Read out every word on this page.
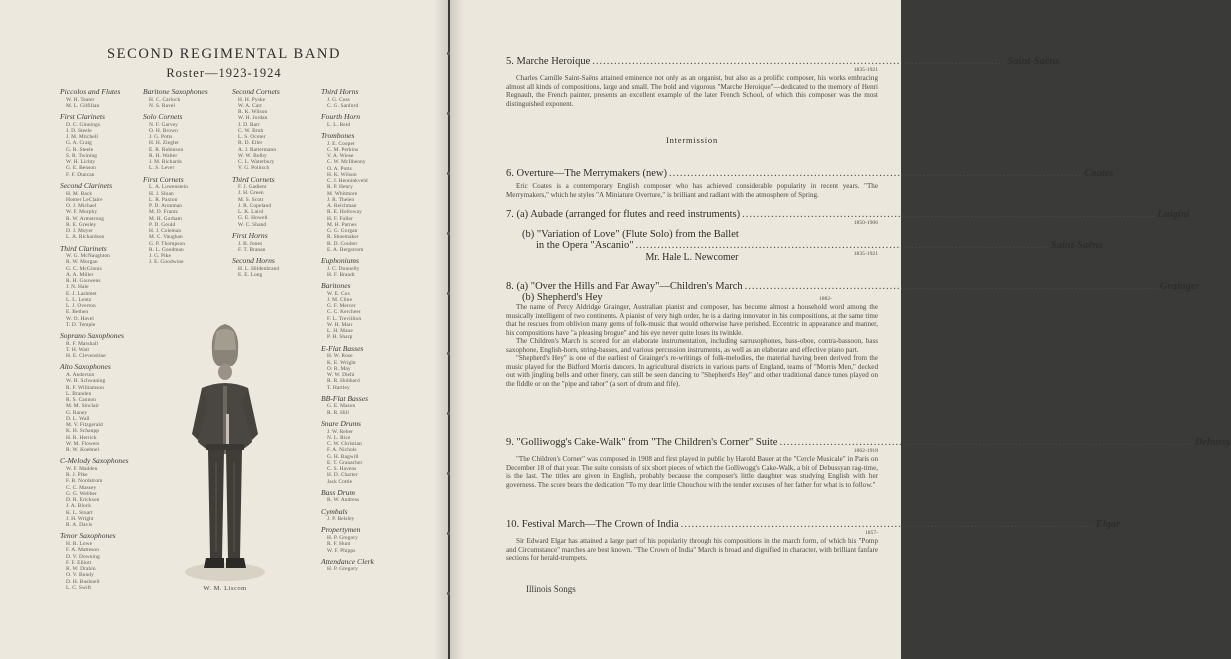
SECOND REGIMENTAL BAND
Roster—1923-1924
Piccolos and Flutes
W. H. Teater
M. L. Gilfillan
First Clarinets
D. C. Ginnings
J. D. Steele
J. M. Mitchell
G. A. Craig
G. R. Steele
S. R. Twining
W. H. Lichty
G. E. Benson
F. F. Duncan
Second Clarinets
H. M. Back
Homer LeClaire
O. J. Michael
W. F. Murphy
R. W. Armstrong
R. E. Gresley
D. J. Moyer
L. A. Richardson
Third Clarinets
W. G. McNaughton
R. W. Morgan
G. C. McGinnis
A. A. Miller
R. H. Gouwens
J. N. Hale
E. J. Lashmet
L. L. Lentz
L. J. Overton
E. Bethen
W. O. Havel
T. D. Temple
Soprano Saxophones
R. F. Marshall
T. H. Watt
H. E. Clevenstine
Alto Saxophones
A. Anderson
W. H. Schwaning
R. F. Williamson
L. Branden
R. S. Cannon
M. M. Sinclair
G. Raney
D. L. Wall
M. V. Fitzgerald
K. H. Schaupp
H. R. Herrick
W. M. Flowers
R. W. Koebnel
C-Melody Saxophones
W. F. Madden
R. J. Pike
F. B. Nordstrom
C. C. Massey
G. G. Webber
D. R. Erickson
J. A. Block
K. L. Stuart
J. H. Wright
R. A. Davis
Tenor Saxophones
H. R. Lowe
F. A. Matteson
D. V. Downing
F. F. Elliott
R. W. Drabin
O. V. Bundy
D. H. Bushnell
L. C. Swift
Baritone Saxophones
H. C. Carlock
N. S. Ravel
Solo Cornets
N. F. Garvey
O. H. Brown
J. G. Potts
H. H. Ziegler
E. R. Robinson
R. H. Walter
J. M. Richards
L. S. Lever
First Cornets
L. A. Lowenstein
H. J. Sloan
L. R. Paxton
P. D. Aronman
M. D. Frantz
M. H. Gorham
P. D. Gould
H. J. Coleman
M. C. Vaughan
G. P. Thompson
R. L. Goodman
J. G. Pike
J. E. Goodwine
Second Cornets
H. H. Pyske
W. A. Carr
R. K. Wilson
W. H. Jordan
J. D. Barr
C. W. Bruh
L. S. Ocoter
R. D. Eiler
A. J. Rattermann
W. W. Bolby
C. L. Waterbury
V. G. Politsch
Third Cornets
F. J. Gadient
J. H. Green
M. S. Scott
J. R. Copeland
L. K. Laird
G. E. Howell
W. C. Shand
First Horns
J. B. Jones
F. T. Branan
Second Horns
H. L. Hildenbrand
E. E. Long
Third Horns
J. G. Coss
C. G. Sanford
Fourth Horn
L. L. Reid
Trombones
J. E. Cooper
C. M. Perkins
V. A. Wiese
C. W. McIlhenny
O. A. Potts
H. K. Wilson
C. J. Henninkveld
R. P. Henry
M. Whitmore
J. R. Thelen
A. Reichman
R. E. Holloway
H. F. Fuller
M. H. Parnes
G. G. Gorgan
R. Shoemaker
B. D. Coulter
E. A. Bergstrom
Euphoniums
J. C. Donnelly
H. F. Brandt
Baritones
W. E. Cox
J. M. Cline
G. F. Mercer
C. C. Kercheer
F. L. Trevillion
W. H. Marr
L. H. Maue
P. H. Sharp
E-Flat Basses
H. W. Rose
K. E. Wright
O. R. May
W. W. Diehl
R. R. Hubbard
T. Hartley
BB-Flat Basses
G. E. Mason
R. R. Hill
Snare Drums
J. W. Reber
N. L. Rice
C. W. Christian
F. A. Nichols
G. H. Bagwill
E. T. Granacher
C. S. Havens
H. D. Charter
Jack Cottle
Bass Drum
R. W. Andress
Cymbals
J. P. Belsley
Propertymen
H. P. Gregory
R. F. Hunt
W. F. Phipps
Attendance Clerk
H. P. Gregory
W. M. Liscom
5. Marche Heroique .................................................................................................................. Saint-Saëns
1835-1921

Charles Camille Saint-Saëns attained eminence not only as an organist, but also as a prolific composer, his works embracing almost all kinds of compositions, large and small. The bold and vigorous "Marche Heroique"—dedicated to the memory of Henri Regnault, the French painter, presents an excellent example of the later French School, of which this composer was the most distinguished exponent.

Intermission
6. Overture—The Merrymakers (new) .................................................................................................................. Coates

Eric Coates is a contemporary English composer who has achieved considerable popularity in recent years. "The Merrymakers," which he styles "A Miniature Overture," is brilliant and radiant with the atmosphere of Spring.

7. (a) Aubade (arranged for flutes and reed instruments) .................................................................................................................. Luigini
1850-1906
(b) "Variation of Love" (Flute Solo) from the Ballet
in the Opera "Ascanio" .................................................................................................................. Saint-Saëns
1835-1921
Mr. Hale L. Newcomer
8. (a) "Over the Hills and Far Away"—Children's March .................................................................................................................. Grainger
(b) Shepherd's Hey	1882-

The name of Percy Aldridge Grainger, Australian pianist and composer, has become almost a household word among the musically intelligent of two continents. A pianist of very high order, he is a daring innovator in his compositions, at the same time that he rescues from oblivion many gems of folk-music that would otherwise have perished. Eccentric in appearance and manner, his compositions have "a pleasing brogue" and his eye never quite loses its twinkle.

The Children's March is scored for an elaborate instrumentation, including sarrusophones, bass-oboe, contra-bassoon, bass saxophone, English-horn, string-basses, and various percussion instruments, as well as an elaborate and effective piano part.

"Shepherd's Hey" is one of the earliest of Grainger's re-writings of folk-melodies, the material having been derived from the music played for the Bidford Morris dancers. In agricultural districts in various parts of England, teams of "Morris Men," decked out with jingling bells and other finery, can still be seen dancing to "Shepherd's Hey" and other traditional dance tunes played on the fiddle or on the "pipe and tabor" (a sort of drum and fife).

9. "Golliwogg's Cake-Walk" from "The Children's Corner" Suite .................................................................................................................. Debussy
1862-1918

"The Children's Corner" was composed in 1908 and first played in public by Harold Bauer at the "Cercle Musicale" in Paris on December 18 of that year. The suite consists of six short pieces of which the Golliwogg's Cake-Walk, a bit of Debussyan rag-time, is the last. The titles are given in English, probably because the composer's little daughter was studying English with her governess. The score bears the dedication "To my dear little Chouchou with the tender excuses of her father for what is to follow."

10. Festival March—The Crown of India .................................................................................................................. Elgar
1857-

Sir Edward Elgar has attained a large part of his popularity through his compositions in the march form, of which his "Pomp and Circumstance" marches are best known. "The Crown of India" March is broad and dignified in character, with brilliant fanfare sections for herald-trumpets.

Illinois Songs
